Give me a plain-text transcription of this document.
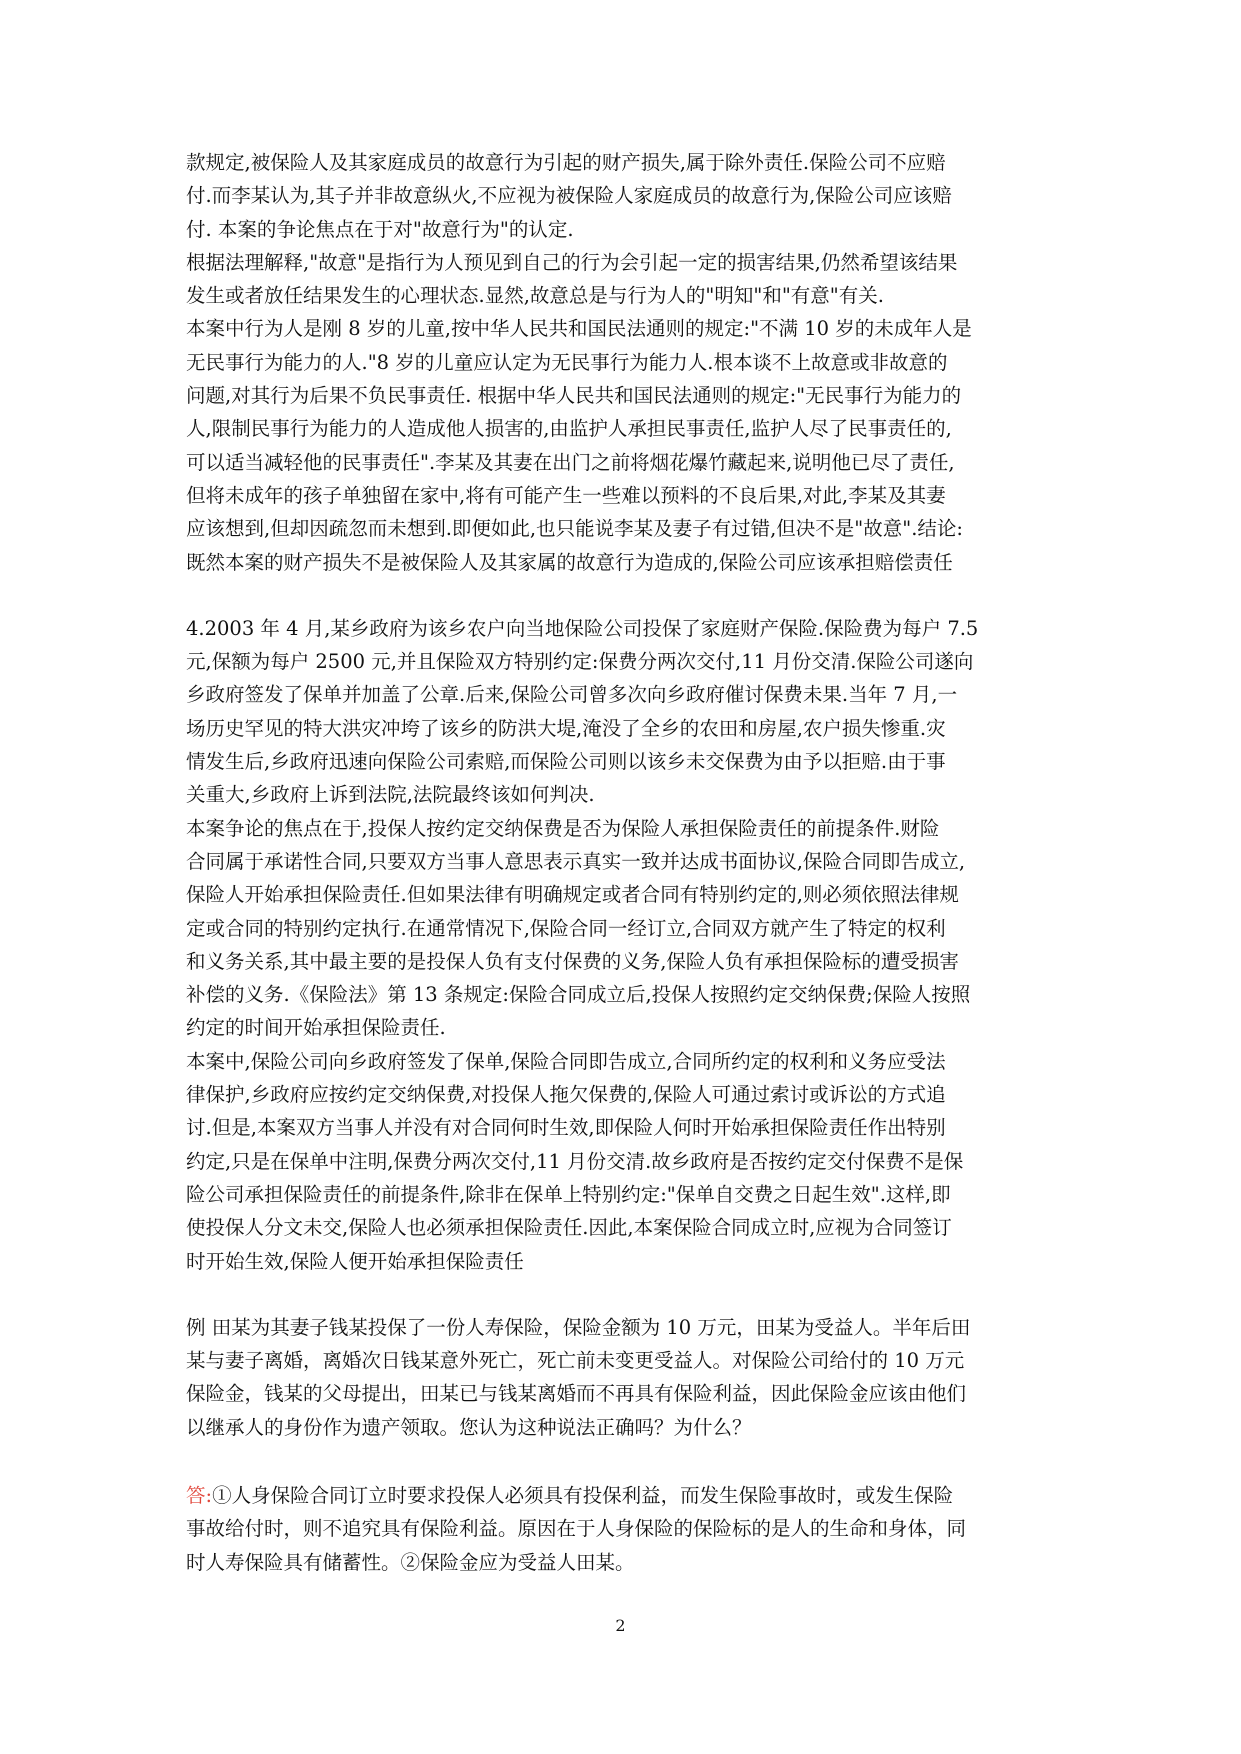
款规定,被保险人及其家庭成员的故意行为引起的财产损失,属于除外责任.保险公司不应赔
付.而李某认为,其子并非故意纵火,不应视为被保险人家庭成员的故意行为,保险公司应该赔
付. 本案的争论焦点在于对"故意行为"的认定.
根据法理解释,"故意"是指行为人预见到自己的行为会引起一定的损害结果,仍然希望该结果
发生或者放任结果发生的心理状态.显然,故意总是与行为人的"明知"和"有意"有关.
本案中行为人是刚 8 岁的儿童,按中华人民共和国民法通则的规定:"不满 10 岁的未成年人是
无民事行为能力的人."8 岁的儿童应认定为无民事行为能力人.根本谈不上故意或非故意的
问题,对其行为后果不负民事责任. 根据中华人民共和国民法通则的规定:"无民事行为能力的
人,限制民事行为能力的人造成他人损害的,由监护人承担民事责任,监护人尽了民事责任的,
可以适当减轻他的民事责任".李某及其妻在出门之前将烟花爆竹藏起来,说明他已尽了责任,
但将未成年的孩子单独留在家中,将有可能产生一些难以预料的不良后果,对此,李某及其妻
应该想到,但却因疏忽而未想到.即便如此,也只能说李某及妻子有过错,但决不是"故意".结论:
既然本案的财产损失不是被保险人及其家属的故意行为造成的,保险公司应该承担赔偿责任
4.2003 年 4 月,某乡政府为该乡农户向当地保险公司投保了家庭财产保险.保险费为每户 7.5
元,保额为每户 2500 元,并且保险双方特别约定:保费分两次交付,11 月份交清.保险公司遂向
乡政府签发了保单并加盖了公章.后来,保险公司曾多次向乡政府催讨保费未果.当年 7 月,一
场历史罕见的特大洪灾冲垮了该乡的防洪大堤,淹没了全乡的农田和房屋,农户损失惨重.灾
情发生后,乡政府迅速向保险公司索赔,而保险公司则以该乡未交保费为由予以拒赔.由于事
关重大,乡政府上诉到法院,法院最终该如何判决.
本案争论的焦点在于,投保人按约定交纳保费是否为保险人承担保险责任的前提条件.财险
合同属于承诺性合同,只要双方当事人意思表示真实一致并达成书面协议,保险合同即告成立,
保险人开始承担保险责任.但如果法律有明确规定或者合同有特别约定的,则必须依照法律规
定或合同的特别约定执行.在通常情况下,保险合同一经订立,合同双方就产生了特定的权利
和义务关系,其中最主要的是投保人负有支付保费的义务,保险人负有承担保险标的遭受损害
补偿的义务.《保险法》第 13 条规定:保险合同成立后,投保人按照约定交纳保费;保险人按照
约定的时间开始承担保险责任.
本案中,保险公司向乡政府签发了保单,保险合同即告成立,合同所约定的权利和义务应受法
律保护,乡政府应按约定交纳保费,对投保人拖欠保费的,保险人可通过索讨或诉讼的方式追
讨.但是,本案双方当事人并没有对合同何时生效,即保险人何时开始承担保险责任作出特别
约定,只是在保单中注明,保费分两次交付,11 月份交清.故乡政府是否按约定交付保费不是保
险公司承担保险责任的前提条件,除非在保单上特别约定:"保单自交费之日起生效".这样,即
使投保人分文未交,保险人也必须承担保险责任.因此,本案保险合同成立时,应视为合同签订
时开始生效,保险人便开始承担保险责任
例 田某为其妻子钱某投保了一份人寿保险，保险金额为 10 万元，田某为受益人。半年后田
某与妻子离婚，离婚次日钱某意外死亡，死亡前未变更受益人。对保险公司给付的 10 万元
保险金，钱某的父母提出，田某已与钱某离婚而不再具有保险利益，因此保险金应该由他们
以继承人的身份作为遗产领取。您认为这种说法正确吗？为什么？
答:①人身保险合同订立时要求投保人必须具有投保利益，而发生保险事故时，或发生保险
事故给付时，则不追究具有保险利益。原因在于人身保险的保险标的是人的生命和身体，同
时人寿保险具有储蓄性。②保险金应为受益人田某。
2
